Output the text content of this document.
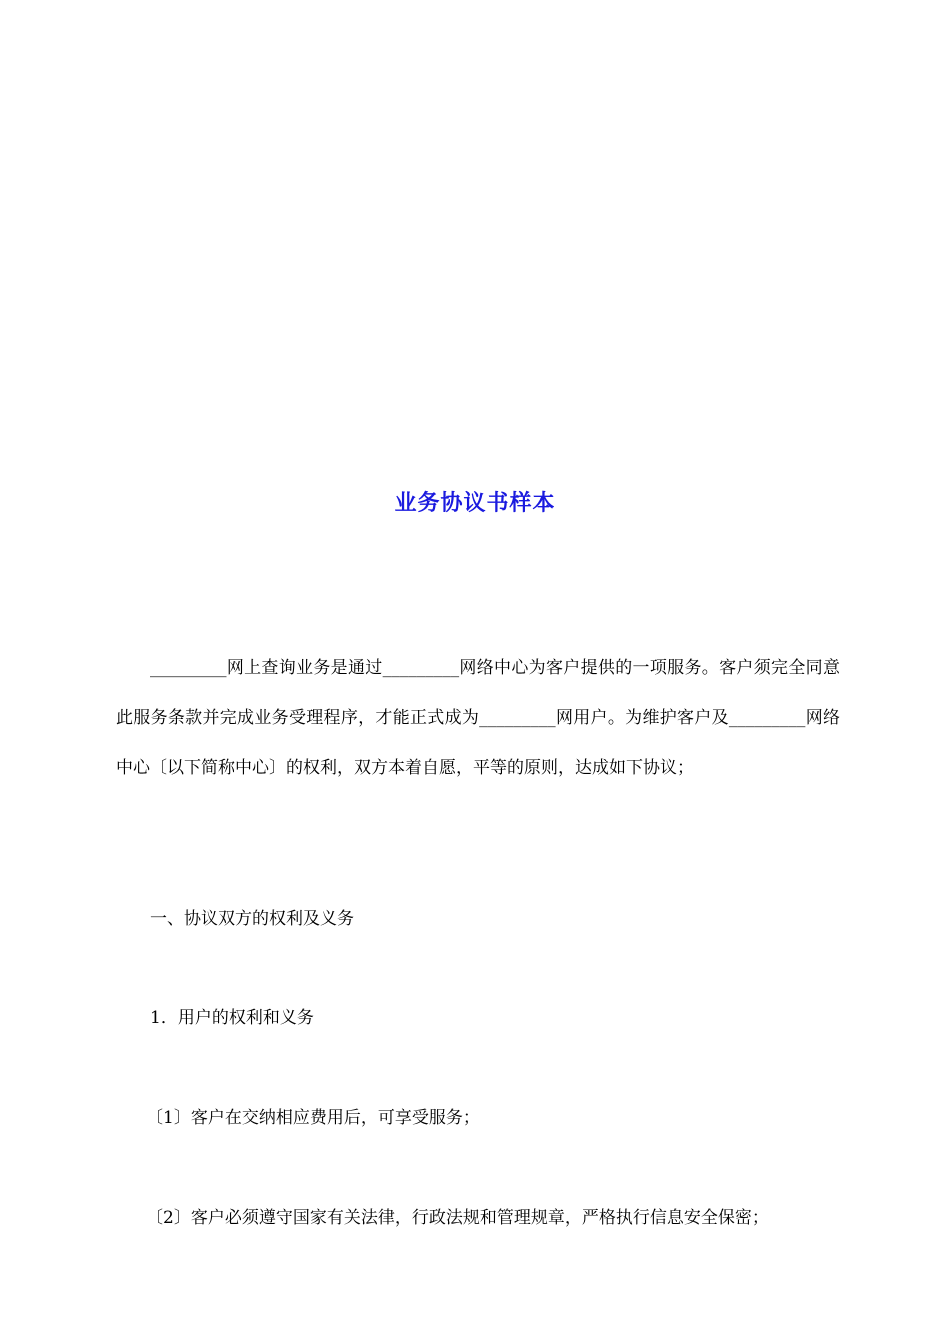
业务协议书样本
_________网上查询业务是通过_________网络中心为客户提供的一项服务。客户须完全同意此服务条款并完成业务受理程序，才能正式成为_________网用户。为维护客户及_________网络中心〔以下简称中心〕的权利，双方本着自愿，平等的原则，达成如下协议；
一、协议双方的权利及义务
1．用户的权利和义务
〔1〕客户在交纳相应费用后，可享受服务；
〔2〕客户必须遵守国家有关法律，行政法规和管理规章，严格执行信息安全保密；
